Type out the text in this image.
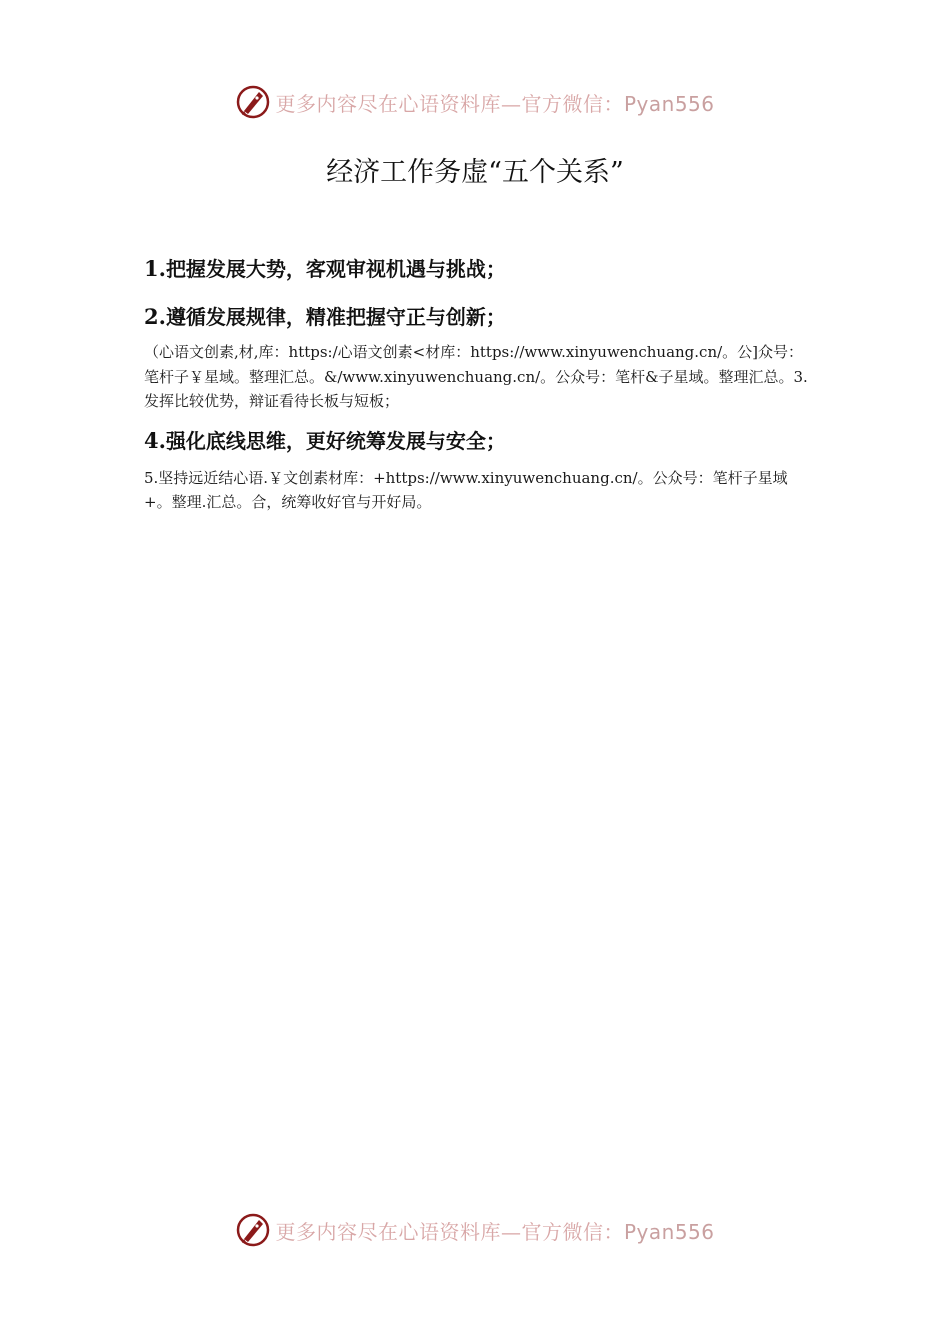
更多内容尽在心语资料库—官方微信：Pyan556
经济工作务虚“五个关系”

1.把握发展大势，客观审视机遇与挑战；

2.遵循发展规律，精准把握守正与创新；

（心语文创素,材,库：https:/心语文创素<材库：https://www.xinyuwenchuang.cn/。公]众号：笔杆子￥星域。整理汇总。&/www.xinyuwenchuang.cn/。公众号：笔杆&子星域。整理汇总。3.发挥比较优势，辩证看待长板与短板；

4.强化底线思维，更好统筹发展与安全；

5.坚持远近结心语.￥文创素材库：+https://www.xinyuwenchuang.cn/。公众号：笔杆子星域+。整理.汇总。合，统筹收好官与开好局。

更多内容尽在心语资料库—官方微信：Pyan556
